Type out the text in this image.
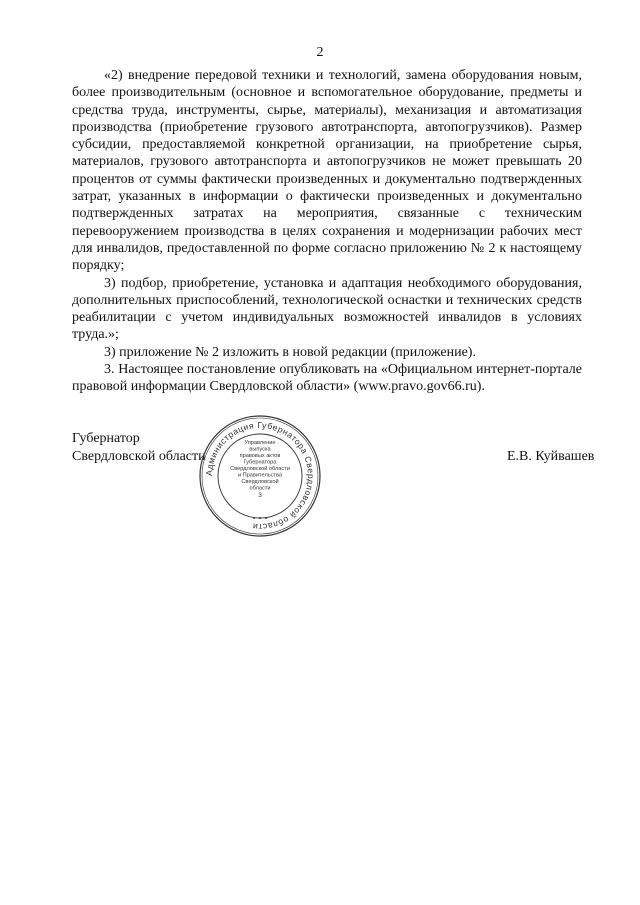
2

«2) внедрение передовой техники и технологий, замена оборудования новым, более производительным (основное и вспомогательное оборудование, предметы и средства труда, инструменты, сырье, материалы), механизация и автоматизация производства (приобретение грузового автотранспорта, автопогрузчиков). Размер субсидии, предоставляемой конкретной организации, на приобретение сырья, материалов, грузового автотранспорта и автопогрузчиков не может превышать 20 процентов от суммы фактически произведенных и документально подтвержденных затрат, указанных в информации о фактически произведенных и документально подтвержденных затратах на мероприятия, связанные с техническим перевооружением производства в целях сохранения и модернизации рабочих мест для инвалидов, предоставленной по форме согласно приложению № 2 к настоящему порядку;

3) подбор, приобретение, установка и адаптация необходимого оборудования, дополнительных приспособлений, технологической оснастки и технических средств реабилитации с учетом индивидуальных возможностей инвалидов в условиях труда.»;

3) приложение № 2 изложить в новой редакции (приложение).

3. Настоящее постановление опубликовать на «Официальном интернет-портале правовой информации Свердловской области» (www.pravo.gov66.ru).

Губернатор
Свердловской области	Е.В. Куйвашев
Администрация Губернатора Свердловской области
Управление
выпуска
правовых актов
Губернатора
Свердловской области
и Правительства
Свердловской
области
3
